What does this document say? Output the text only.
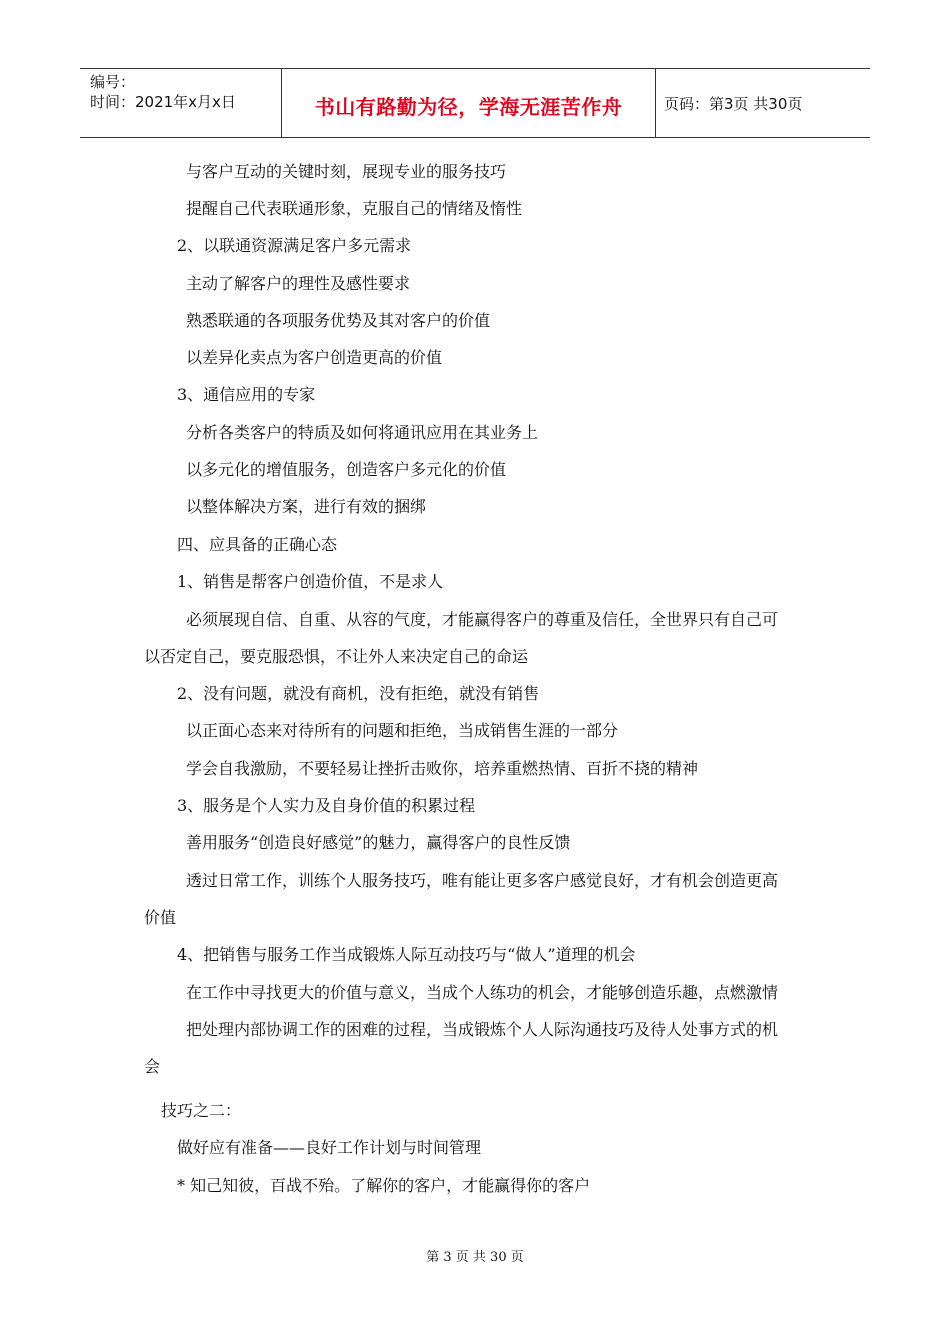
编号：
时间：2021年x月x日	书山有路勤为径，学海无涯苦作舟	页码：第3页 共30页
与客户互动的关键时刻，展现专业的服务技巧
提醒自己代表联通形象，克服自己的情绪及惰性
2、以联通资源满足客户多元需求
主动了解客户的理性及感性要求
熟悉联通的各项服务优势及其对客户的价值
以差异化卖点为客户创造更高的价值
3、通信应用的专家
分析各类客户的特质及如何将通讯应用在其业务上
以多元化的增值服务，创造客户多元化的价值
以整体解决方案，进行有效的捆绑
四、应具备的正确心态
1、销售是帮客户创造价值，不是求人
必须展现自信、自重、从容的气度，才能赢得客户的尊重及信任，全世界只有自己可
以否定自己，要克服恐惧，不让外人来决定自己的命运
2、没有问题，就没有商机，没有拒绝，就没有销售
以正面心态来对待所有的问题和拒绝，当成销售生涯的一部分
学会自我激励，不要轻易让挫折击败你，培养重燃热情、百折不挠的精神
3、服务是个人实力及自身价值的积累过程
善用服务“创造良好感觉”的魅力，赢得客户的良性反馈
透过日常工作，训练个人服务技巧，唯有能让更多客户感觉良好，才有机会创造更高
价值
4、把销售与服务工作当成锻炼人际互动技巧与“做人”道理的机会
在工作中寻找更大的价值与意义，当成个人练功的机会，才能够创造乐趣，点燃激情
把处理内部协调工作的困难的过程，当成锻炼个人人际沟通技巧及待人处事方式的机
会
技巧之二：
做好应有准备——良好工作计划与时间管理
* 知己知彼，百战不殆。了解你的客户，才能赢得你的客户
第 3 页 共 30 页
